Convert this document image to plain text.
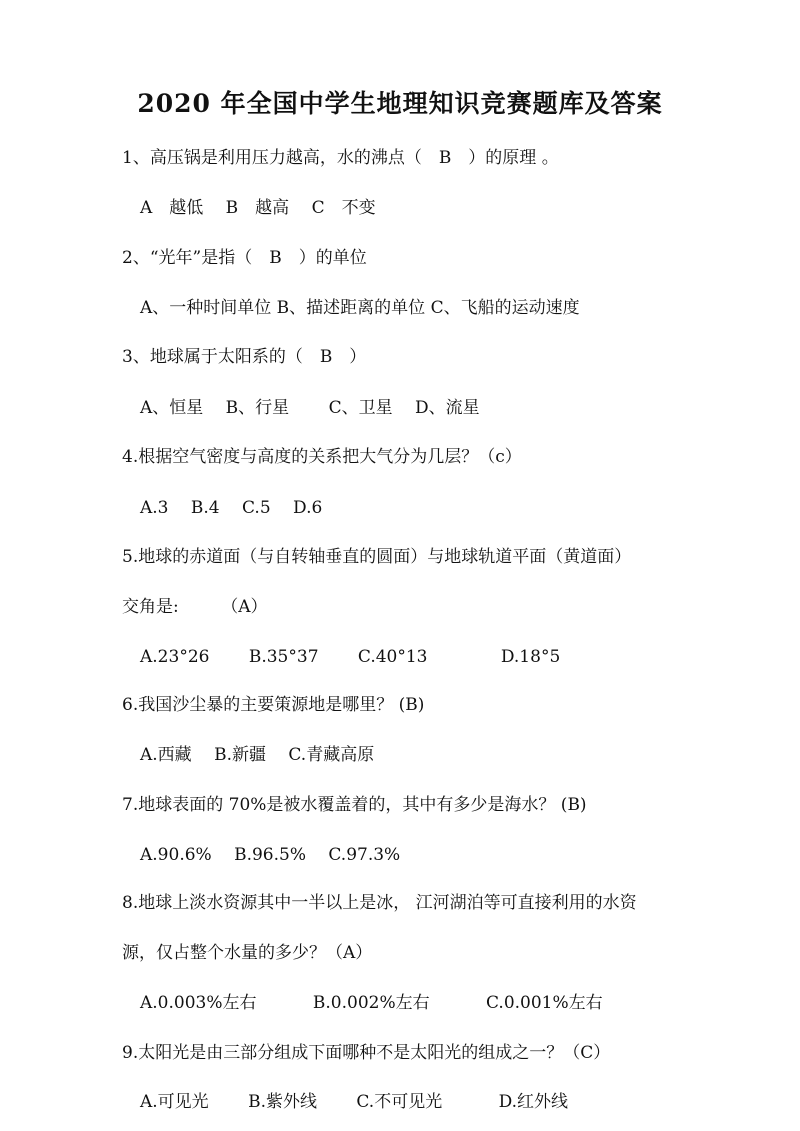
2020 年全国中学生地理知识竞赛题库及答案
1、高压锅是利用压力越高，水的沸点（　B　）的原理 。
A　越低　 B　越高　 C　不变
2、“光年”是指（　B　）的单位
A、一种时间单位 B、描述距离的单位 C、飞船的运动速度
3、地球属于太阳系的（　B　）
A、恒星　 B、行星　　 C、卫星　 D、流星
4.根据空气密度与高度的关系把大气分为几层？（c）
A.3　 B.4　 C.5　 D.6
5.地球的赤道面（与自转轴垂直的圆面）与地球轨道平面（黄道面）
交角是:　　　（A）
A.23°26　　 B.35°37　　 C.40°13　　　　 D.18°5
6.我国沙尘暴的主要策源地是哪里？ (B)
A.西藏　 B.新疆　 C.青藏高原
7.地球表面的 70%是被水覆盖着的，其中有多少是海水？ (B)
A.90.6%　 B.96.5%　 C.97.3%
8.地球上淡水资源其中一半以上是冰， 江河湖泊等可直接利用的水资
源，仅占整个水量的多少？（A）
A.0.003%左右　　　 B.0.002%左右　　　 C.0.001%左右
9.太阳光是由三部分组成下面哪种不是太阳光的组成之一？（C）
A.可见光　　 B.紫外线　　 C.不可见光　　　 D.红外线
